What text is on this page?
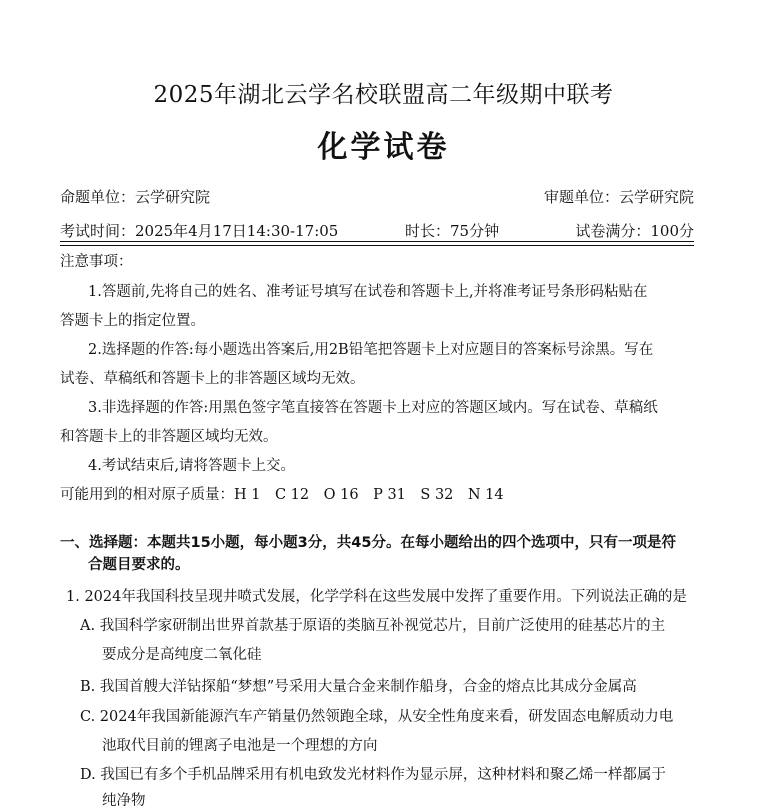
2025年湖北云学名校联盟高二年级期中联考
化学试卷
命题单位：云学研究院	审题单位：云学研究院
考试时间：2025年4月17日14:30-17:05	时长：75分钟	试卷满分：100分
注意事项：
1.答题前,先将自己的姓名、准考证号填写在试卷和答题卡上,并将准考证号条形码粘贴在
答题卡上的指定位置。
2.选择题的作答:每小题选出答案后,用2B铅笔把答题卡上对应题目的答案标号涂黑。写在
试卷、草稿纸和答题卡上的非答题区域均无效。
3.非选择题的作答:用黑色签字笔直接答在答题卡上对应的答题区域内。写在试卷、草稿纸
和答题卡上的非答题区域均无效。
4.考试结束后,请将答题卡上交。
可能用到的相对原子质量：H 1　C 12　O 16　P 31　S 32　N 14
一、选择题：本题共15小题，每小题3分，共45分。在每小题给出的四个选项中，只有一项是符
合题目要求的。
1. 2024年我国科技呈现井喷式发展，化学学科在这些发展中发挥了重要作用。下列说法正确的是
A. 我国科学家研制出世界首款基于原语的类脑互补视觉芯片，目前广泛使用的硅基芯片的主
要成分是高纯度二氧化硅
B. 我国首艘大洋钻探船“梦想”号采用大量合金来制作船身，合金的熔点比其成分金属高
C. 2024年我国新能源汽车产销量仍然领跑全球，从安全性角度来看，研发固态电解质动力电
池取代目前的锂离子电池是一个理想的方向
D. 我国已有多个手机品牌采用有机电致发光材料作为显示屏，这种材料和聚乙烯一样都属于
纯净物
